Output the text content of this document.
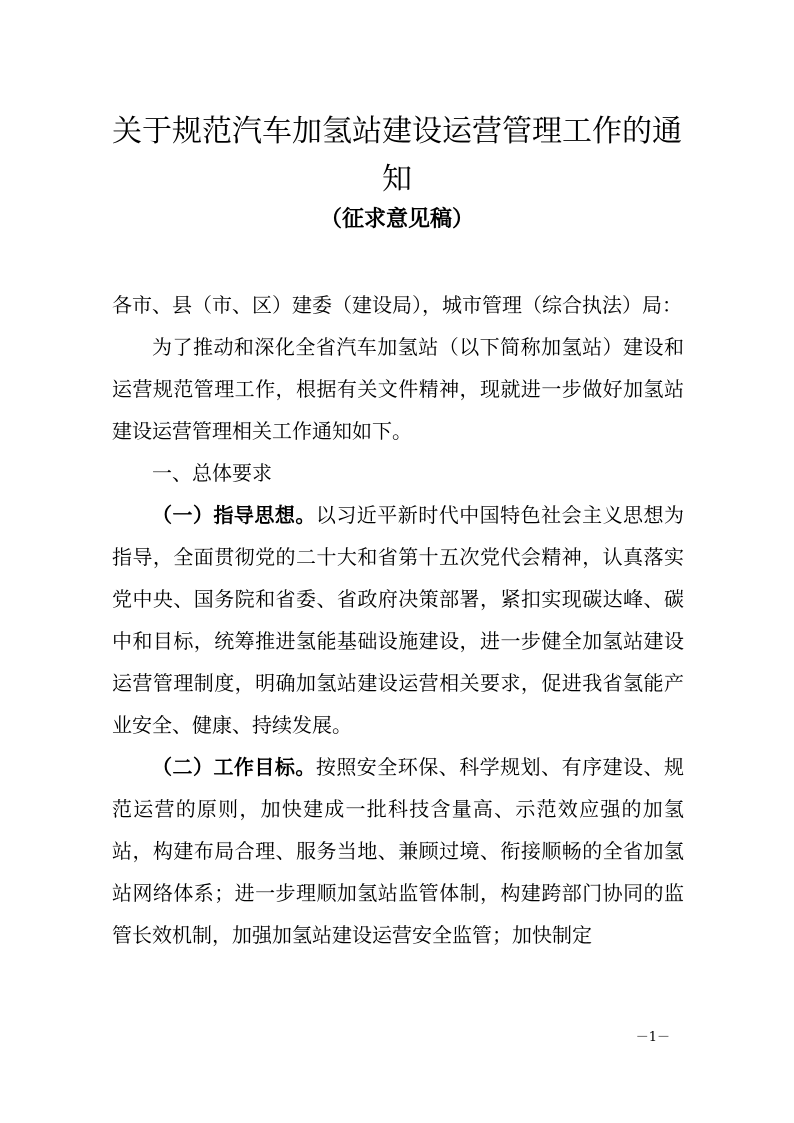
关于规范汽车加氢站建设运营管理工作的通知
（征求意见稿）

各市、县（市、区）建委（建设局），城市管理（综合执法）局：

为了推动和深化全省汽车加氢站（以下简称加氢站）建设和运营规范管理工作，根据有关文件精神，现就进一步做好加氢站建设运营管理相关工作通知如下。

一、总体要求

（一）指导思想。以习近平新时代中国特色社会主义思想为指导，全面贯彻党的二十大和省第十五次党代会精神，认真落实党中央、国务院和省委、省政府决策部署，紧扣实现碳达峰、碳中和目标，统筹推进氢能基础设施建设，进一步健全加氢站建设运营管理制度，明确加氢站建设运营相关要求，促进我省氢能产业安全、健康、持续发展。

（二）工作目标。按照安全环保、科学规划、有序建设、规范运营的原则，加快建成一批科技含量高、示范效应强的加氢站，构建布局合理、服务当地、兼顾过境、衔接顺畅的全省加氢站网络体系；进一步理顺加氢站监管体制，构建跨部门协同的监管长效机制，加强加氢站建设运营安全监管；加快制定

－1－
